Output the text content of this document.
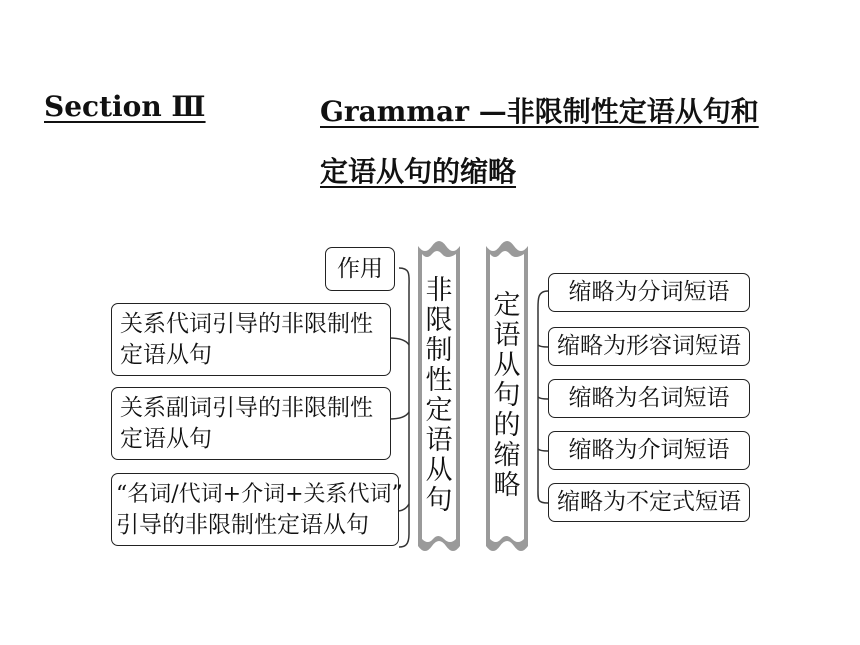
Section Ⅲ	Grammar —非限制性定语从句和
定语从句的缩略
作用
关系代词引导的非限制性
定语从句
关系副词引导的非限制性
定语从句
“名词/代词+介词+关系代词”
引导的非限制性定语从句
非限制性定语从句
定语从句的缩略
缩略为分词短语
缩略为形容词短语
缩略为名词短语
缩略为介词短语
缩略为不定式短语
